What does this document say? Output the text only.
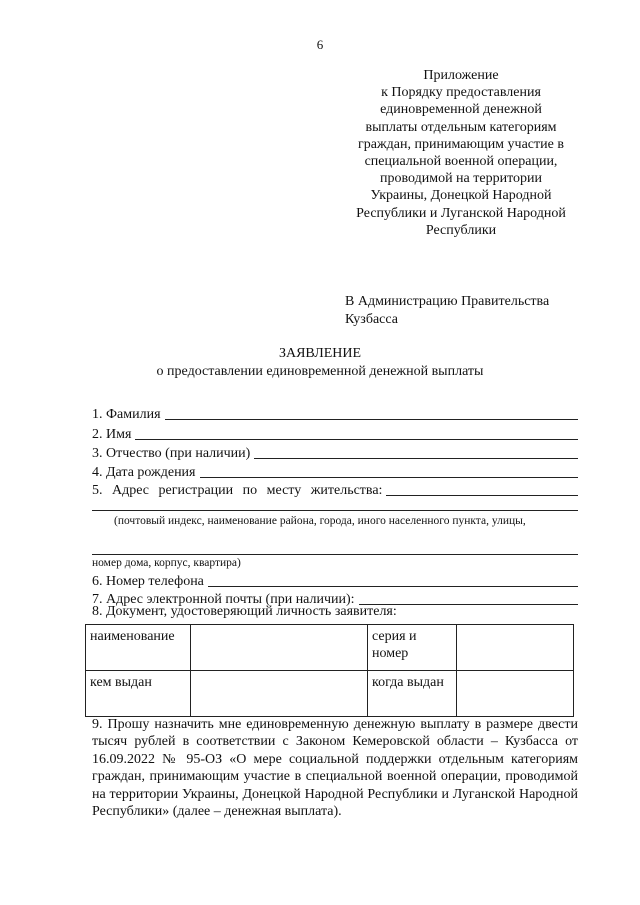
6
Приложение
к Порядку предоставления
единовременной денежной
выплаты отдельным категориям
граждан, принимающим участие в
специальной военной операции,
проводимой на территории
Украины, Донецкой Народной
Республики и Луганской Народной
Республики
В Администрацию Правительства
Кузбасса
ЗАЯВЛЕНИЕ
о предоставлении единовременной денежной выплаты
1. Фамилия
2. Имя
3. Отчество (при наличии)
4. Дата рождения
5. Адрес регистрации по месту жительства:
(почтовый индекс, наименование района, города, иного населенного пункта, улицы,
номер дома, корпус, квартира)
6. Номер телефона
7. Адрес электронной почты (при наличии):
8. Документ, удостоверяющий личность заявителя:
наименование		серия и номер	
кем выдан		когда выдан	
9. Прошу назначить мне единовременную денежную выплату в размере двести тысяч рублей в соответствии с Законом Кемеровской области – Кузбасса от 16.09.2022 № 95-ОЗ «О мере социальной поддержки отдельным категориям граждан, принимающим участие в специальной военной операции, проводимой на территории Украины, Донецкой Народной Республики и Луганской Народной Республики» (далее – денежная выплата).
